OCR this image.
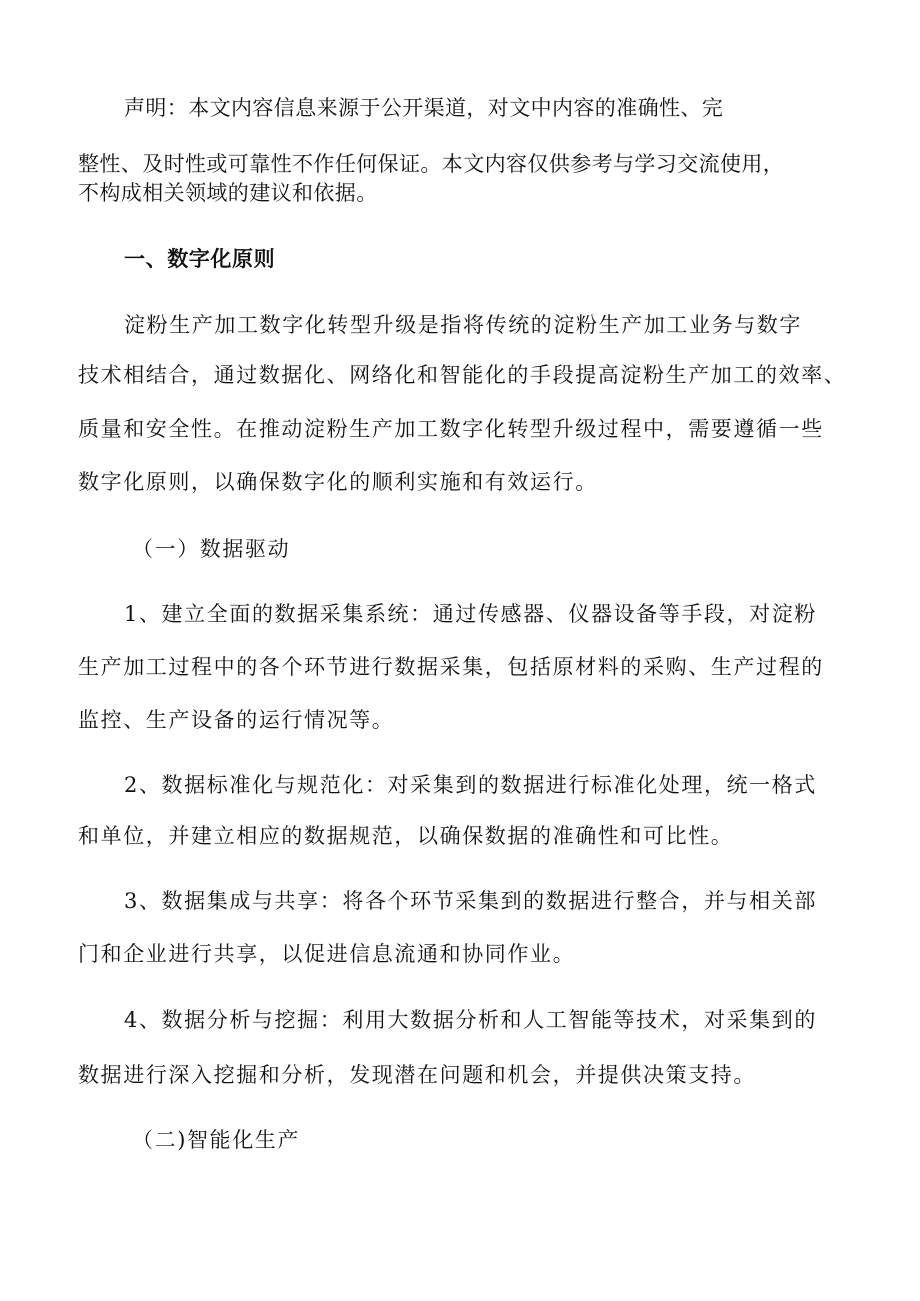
声明：本文内容信息来源于公开渠道，对文中内容的准确性、完
整性、及时性或可靠性不作任何保证。本文内容仅供参考与学习交流使用，
不构成相关领域的建议和依据。
一、数字化原则
淀粉生产加工数字化转型升级是指将传统的淀粉生产加工业务与数字
技术相结合，通过数据化、网络化和智能化的手段提高淀粉生产加工的效率、
质量和安全性。在推动淀粉生产加工数字化转型升级过程中，需要遵循一些
数字化原则，以确保数字化的顺利实施和有效运行。
（一）数据驱动
1、建立全面的数据采集系统：通过传感器、仪器设备等手段，对淀粉
生产加工过程中的各个环节进行数据采集，包括原材料的采购、生产过程的
监控、生产设备的运行情况等。
2、数据标准化与规范化：对采集到的数据进行标准化处理，统一格式
和单位，并建立相应的数据规范，以确保数据的准确性和可比性。
3、数据集成与共享：将各个环节采集到的数据进行整合，并与相关部
门和企业进行共享，以促进信息流通和协同作业。
4、数据分析与挖掘：利用大数据分析和人工智能等技术，对采集到的
数据进行深入挖掘和分析，发现潜在问题和机会，并提供决策支持。
（二)智能化生产
